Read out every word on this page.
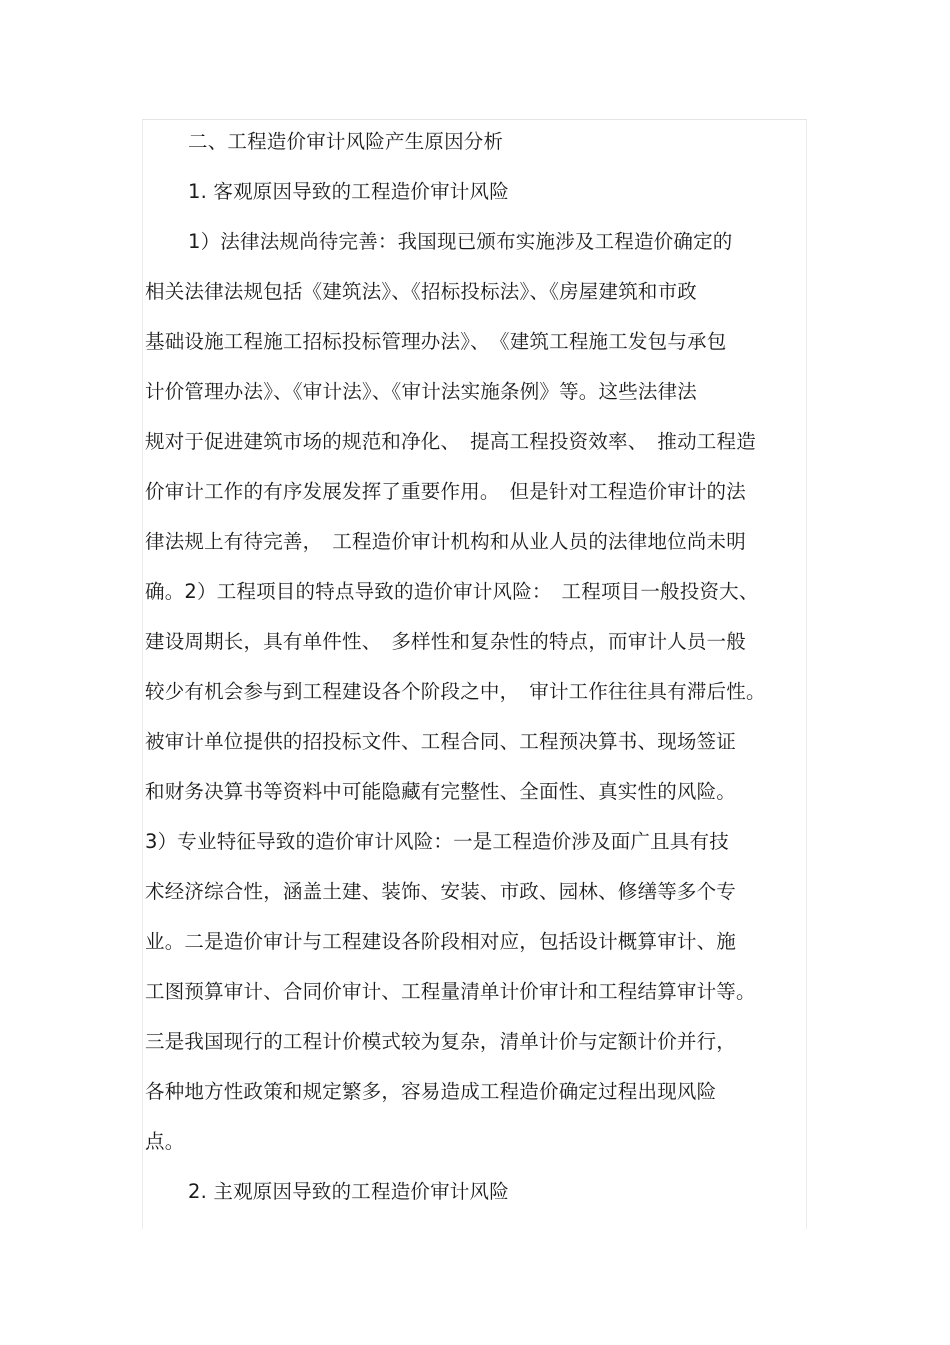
二、工程造价审计风险产生原因分析
1. 客观原因导致的工程造价审计风险
1）法律法规尚待完善：我国现已颁布实施涉及工程造价确定的
相关法律法规包括《建筑法》、《招标投标法》、《房屋建筑和市政
基础设施工程施工招标投标管理办法》、　《建筑工程施工发包与承包
计价管理办法》、《审计法》、《审计法实施条例》等。这些法律法
规对于促进建筑市场的规范和净化、　提高工程投资效率、　推动工程造
价审计工作的有序发展发挥了重要作用。　但是针对工程造价审计的法
律法规上有待完善，　工程造价审计机构和从业人员的法律地位尚未明
确。2）工程项目的特点导致的造价审计风险：　工程项目一般投资大、
建设周期长，具有单件性、　多样性和复杂性的特点，而审计人员一般
较少有机会参与到工程建设各个阶段之中，　审计工作往往具有滞后性。
被审计单位提供的招投标文件、工程合同、工程预决算书、现场签证
和财务决算书等资料中可能隐藏有完整性、全面性、真实性的风险。
3）专业特征导致的造价审计风险：一是工程造价涉及面广且具有技
术经济综合性，涵盖土建、装饰、安装、市政、园林、修缮等多个专
业。二是造价审计与工程建设各阶段相对应，包括设计概算审计、施
工图预算审计、合同价审计、工程量清单计价审计和工程结算审计等。
三是我国现行的工程计价模式较为复杂，清单计价与定额计价并行，
各种地方性政策和规定繁多，容易造成工程造价确定过程出现风险
点。
2. 主观原因导致的工程造价审计风险
